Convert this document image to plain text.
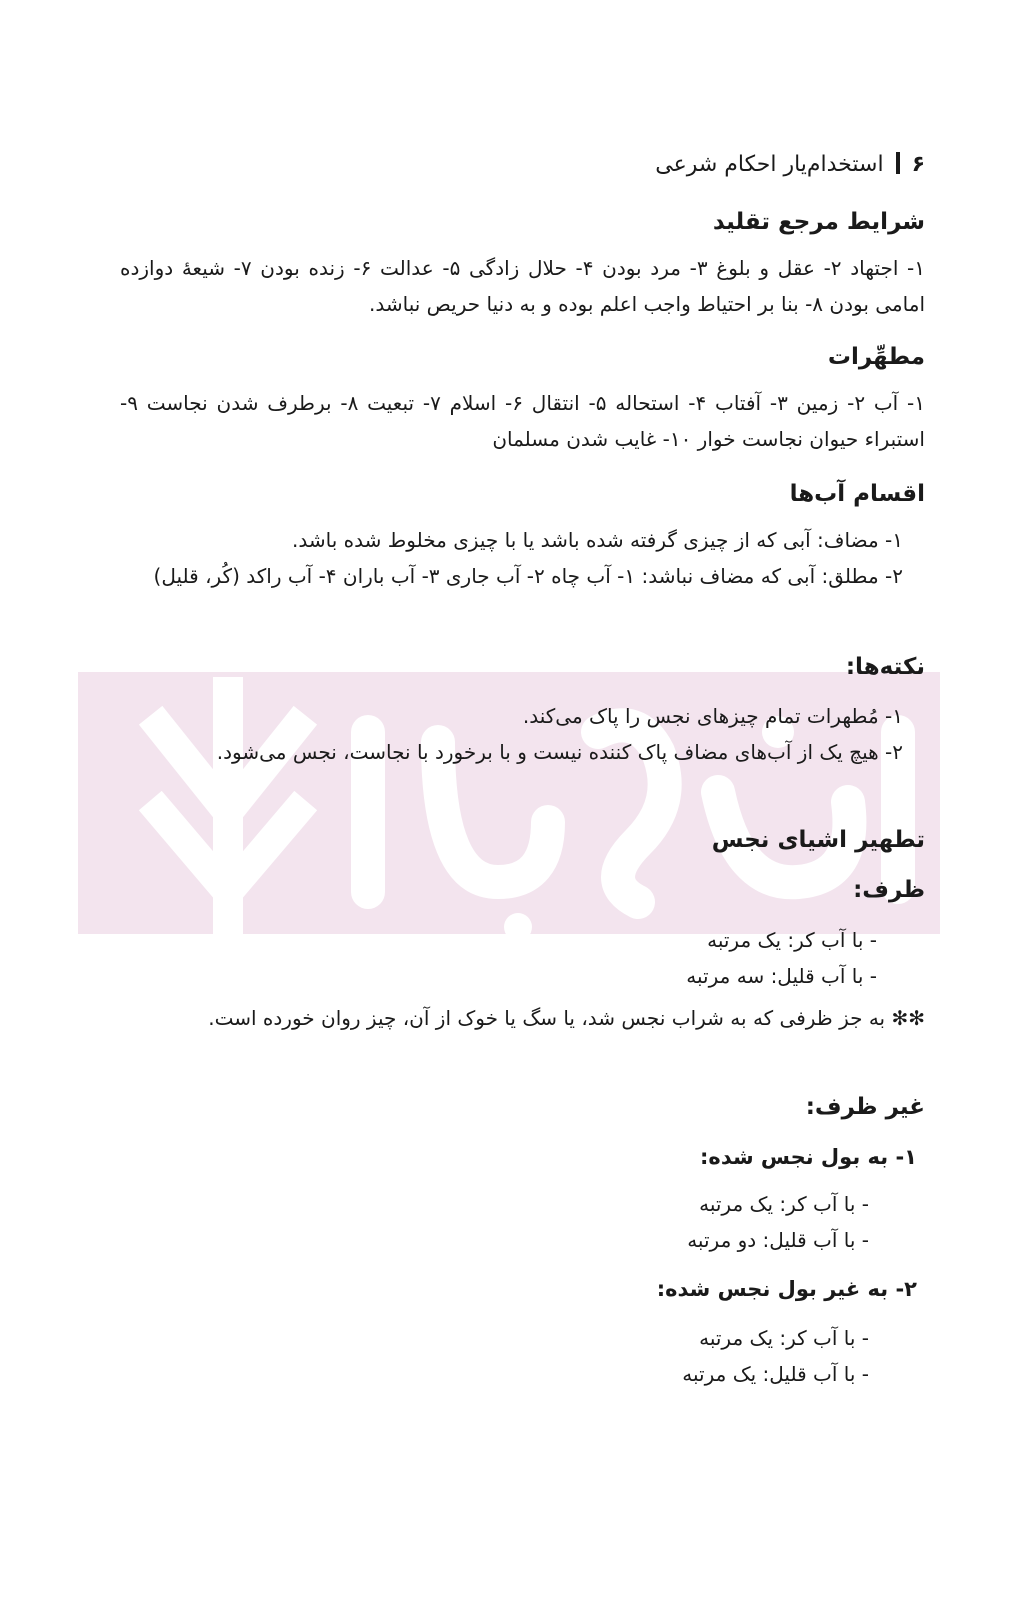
۶استخدام‌یار احکام شرعی
شرایط مرجع تقلید

۱- اجتهاد ۲- عقل و بلوغ ۳- مرد بودن ۴- حلال زادگی ۵- عدالت ۶- زنده بودن ۷- شیعهٔ دوازده امامی بودن ۸- بنا بر احتیاط واجب اعلم بوده و به دنیا حریص نباشد.

مطهِّرات

۱- آب ۲- زمین ۳- آفتاب ۴- استحاله ۵- انتقال ۶- اسلام ۷- تبعیت ۸- برطرف شدن نجاست ۹- استبراء حیوان نجاست خوار ۱۰- غایب شدن مسلمان

اقسام آب‌ها

۱- مضاف: آبی که از چیزی گرفته شده باشد یا با چیزی مخلوط شده باشد.

۲- مطلق: آبی که مضاف نباشد: ۱- آب چاه ۲- آب جاری ۳- آب باران ۴- آب راکد (کُر، قلیل)

نکته‌ها:

۱- مُطهرات تمام چیزهای نجس را پاک می‌کند.

۲- هیچ یک از آب‌های مضاف پاک کننده نیست و با برخورد با نجاست، نجس می‌شود.

تطهیر اشیای نجس
ظرف:

- با آب کر: یک مرتبه

- با آب قلیل: سه مرتبه

✻✻ به جز ظرفی که به شراب نجس شد، یا سگ یا خوک از آن، چیز روان خورده است.

غیر ظرف:

۱- به بول نجس شده:

- با آب کر: یک مرتبه

- با آب قلیل: دو مرتبه

۲- به غیر بول نجس شده:

- با آب کر: یک مرتبه

- با آب قلیل: یک مرتبه
